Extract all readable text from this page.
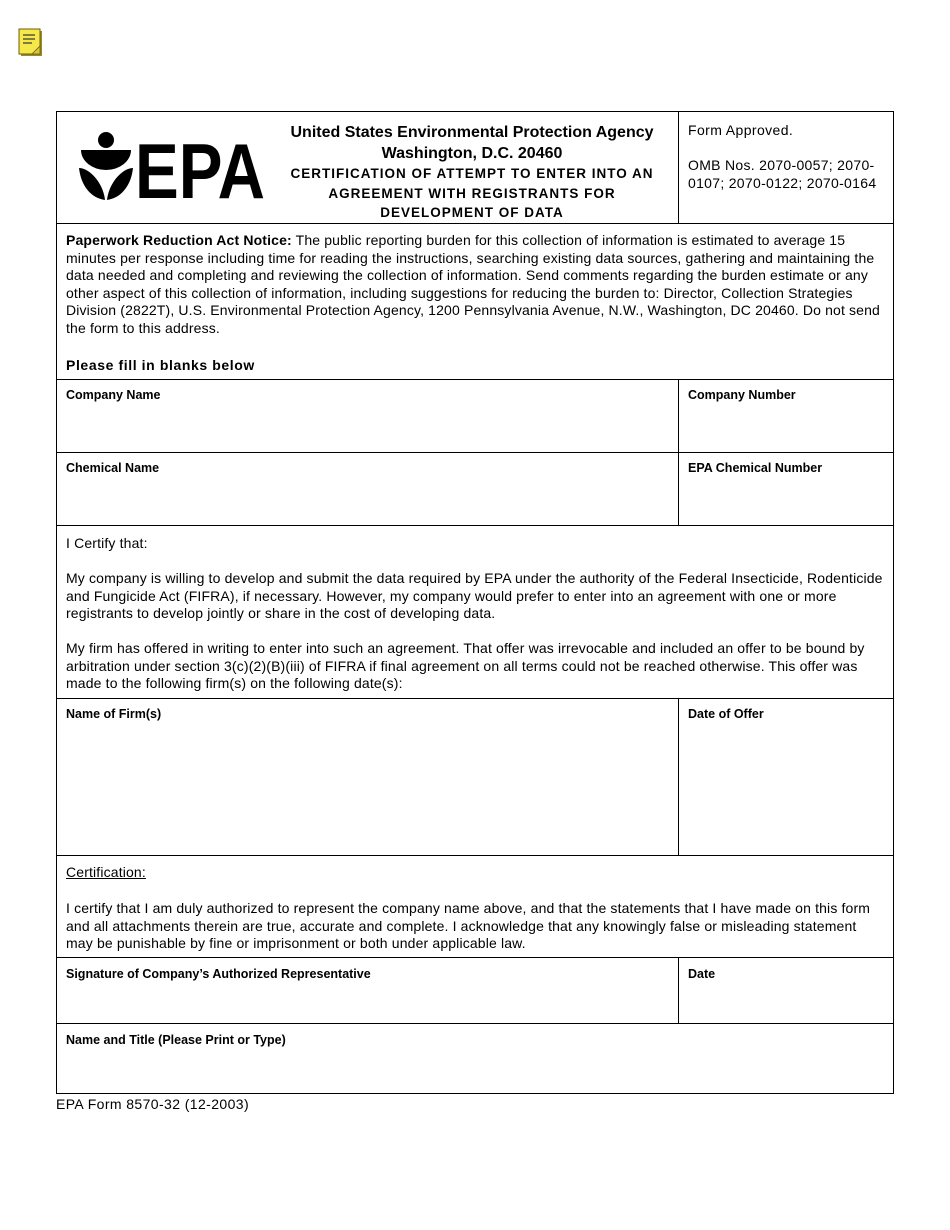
EPA	United States Environmental Protection Agency
Washington, D.C. 20460
CERTIFICATION OF ATTEMPT TO ENTER INTO AN
AGREEMENT WITH REGISTRANTS FOR
DEVELOPMENT OF DATA
Form Approved.
OMB Nos. 2070-0057; 2070-0107; 2070-0122; 2070-0164
Paperwork Reduction Act Notice: The public reporting burden for this collection of information is estimated to average 15 minutes per response including time for reading the instructions, searching existing data sources, gathering and maintaining the data needed and completing and reviewing the collection of information. Send comments regarding the burden estimate or any other aspect of this collection of information, including suggestions for reducing the burden to: Director, Collection Strategies Division (2822T), U.S. Environmental Protection Agency, 1200 Pennsylvania Avenue, N.W., Washington, DC 20460. Do not send the form to this address.
Please fill in blanks below
Company Name	Company Number
Chemical Name	EPA Chemical Number
I Certify that:
My company is willing to develop and submit the data required by EPA under the authority of the Federal Insecticide, Rodenticide and Fungicide Act (FIFRA), if necessary. However, my company would prefer to enter into an agreement with one or more registrants to develop jointly or share in the cost of developing data.
My firm has offered in writing to enter into such an agreement. That offer was irrevocable and included an offer to be bound by arbitration under section 3(c)(2)(B)(iii) of FIFRA if final agreement on all terms could not be reached otherwise. This offer was made to the following firm(s) on the following date(s):
Name of Firm(s)	Date of Offer
Certification:
I certify that I am duly authorized to represent the company name above, and that the statements that I have made on this form and all attachments therein are true, accurate and complete. I acknowledge that any knowingly false or misleading statement may be punishable by fine or imprisonment or both under applicable law.
Signature of Company’s Authorized Representative	Date
Name and Title (Please Print or Type)
EPA Form 8570-32 (12-2003)
